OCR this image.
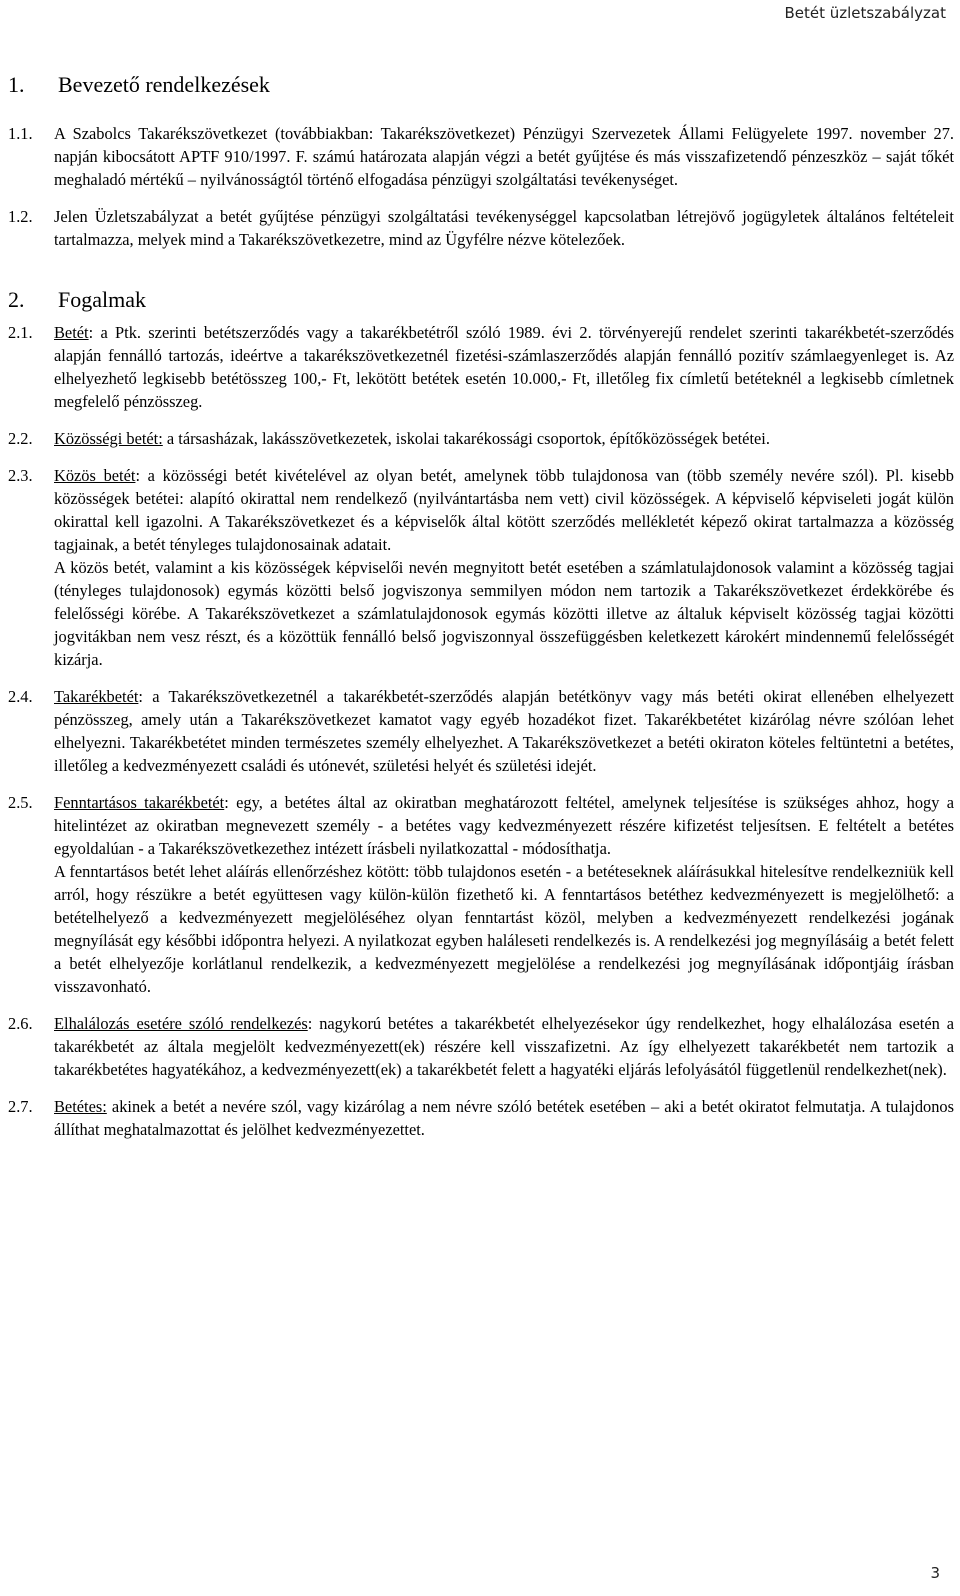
Betét üzletszabályzat
1.	Bevezető rendelkezések
1.1.	A Szabolcs Takarékszövetkezet (továbbiakban: Takarékszövetkezet) Pénzügyi Szervezetek Állami Felügyelete 1997. november 27. napján kibocsátott APTF 910/1997. F. számú határozata alapján végzi a betét gyűjtése és más visszafizetendő pénzeszköz – saját tőkét meghaladó mértékű – nyilvánosságtól történő elfogadása pénzügyi szolgáltatási tevékenységet.

1.2.	Jelen Üzletszabályzat a betét gyűjtése pénzügyi szolgáltatási tevékenységgel kapcsolatban létrejövő jogügyletek általános feltételeit tartalmazza, melyek mind a Takarékszövetkezetre, mind az Ügyfélre nézve kötelezőek.

2.	Fogalmak
2.1.	Betét: a Ptk. szerinti betétszerződés vagy a takarékbetétről szóló 1989. évi 2. törvényerejű rendelet szerinti takarékbetét-szerződés alapján fennálló tartozás, ideértve a takarékszövetkezetnél fizetési-számlaszerződés alapján fennálló pozitív számlaegyenleget is. Az elhelyezhető legkisebb betétösszeg 100,- Ft, lekötött betétek esetén 10.000,- Ft, illetőleg fix címletű betéteknél a legkisebb címletnek megfelelő pénzösszeg.

2.2.	Közösségi betét: a társasházak, lakásszövetkezetek, iskolai takarékossági csoportok, építőközösségek betétei.

2.3.	Közös betét: a közösségi betét kivételével az olyan betét, amelynek több tulajdonosa van (több személy nevére szól). Pl. kisebb közösségek betétei: alapító okirattal nem rendelkező (nyilvántartásba nem vett) civil közösségek. A képviselő képviseleti jogát külön okirattal kell igazolni. A Takarékszövetkezet és a képviselők által kötött szerződés mellékletét képező okirat tartalmazza a közösség tagjainak, a betét tényleges tulajdonosainak adatait.

A közös betét, valamint a kis közösségek képviselői nevén megnyitott betét esetében a számlatulajdonosok valamint a közösség tagjai (tényleges tulajdonosok) egymás közötti belső jogviszonya semmilyen módon nem tartozik a Takarékszövetkezet érdekkörébe és felelősségi körébe. A Takarékszövetkezet a számlatulajdonosok egymás közötti illetve az általuk képviselt közösség tagjai közötti jogvitákban nem vesz részt, és a közöttük fennálló belső jogviszonnyal összefüggésben keletkezett károkért mindennemű felelősségét kizárja.

2.4.	Takarékbetét: a Takarékszövetkezetnél a takarékbetét-szerződés alapján betétkönyv vagy más betéti okirat ellenében elhelyezett pénzösszeg, amely után a Takarékszövetkezet kamatot vagy egyéb hozadékot fizet. Takarékbetétet kizárólag névre szólóan lehet elhelyezni. Takarékbetétet minden természetes személy elhelyezhet. A Takarékszövetkezet a betéti okiraton köteles feltüntetni a betétes, illetőleg a kedvezményezett családi és utónevét, születési helyét és születési idejét.

2.5.	Fenntartásos takarékbetét: egy, a betétes által az okiratban meghatározott feltétel, amelynek teljesítése is szükséges ahhoz, hogy a hitelintézet az okiratban megnevezett személy - a betétes vagy kedvezményezett részére kifizetést teljesítsen. E feltételt a betétes egyoldalúan - a Takarékszövetkezethez intézett írásbeli nyilatkozattal - módosíthatja.

A fenntartásos betét lehet aláírás ellenőrzéshez kötött: több tulajdonos esetén - a betéteseknek aláírásukkal hitelesítve rendelkezniük kell arról, hogy részükre a betét együttesen vagy külön-külön fizethető ki. A fenntartásos betéthez kedvezményezett is megjelölhető: a betételhelyező a kedvezményezett megjelöléséhez olyan fenntartást közöl, melyben a kedvezményezett rendelkezési jogának megnyílását egy későbbi időpontra helyezi. A nyilatkozat egyben haláleseti rendelkezés is. A rendelkezési jog megnyílásáig a betét felett a betét elhelyezője korlátlanul rendelkezik, a kedvezményezett megjelölése a rendelkezési jog megnyílásának időpontjáig írásban visszavonható.

2.6.	Elhalálozás esetére szóló rendelkezés: nagykorú betétes a takarékbetét elhelyezésekor úgy rendelkezhet, hogy elhalálozása esetén a takarékbetét az általa megjelölt kedvezményezett(ek) részére kell visszafizetni. Az így elhelyezett takarékbetét nem tartozik a takarékbetétes hagyatékához, a kedvezményezett(ek) a takarékbetét felett a hagyatéki eljárás lefolyásától függetlenül rendelkezhet(nek).

2.7.	Betétes: akinek a betét a nevére szól, vagy kizárólag a nem névre szóló betétek esetében – aki a betét okiratot felmutatja. A tulajdonos állíthat meghatalmazottat és jelölhet kedvezményezettet.

3
